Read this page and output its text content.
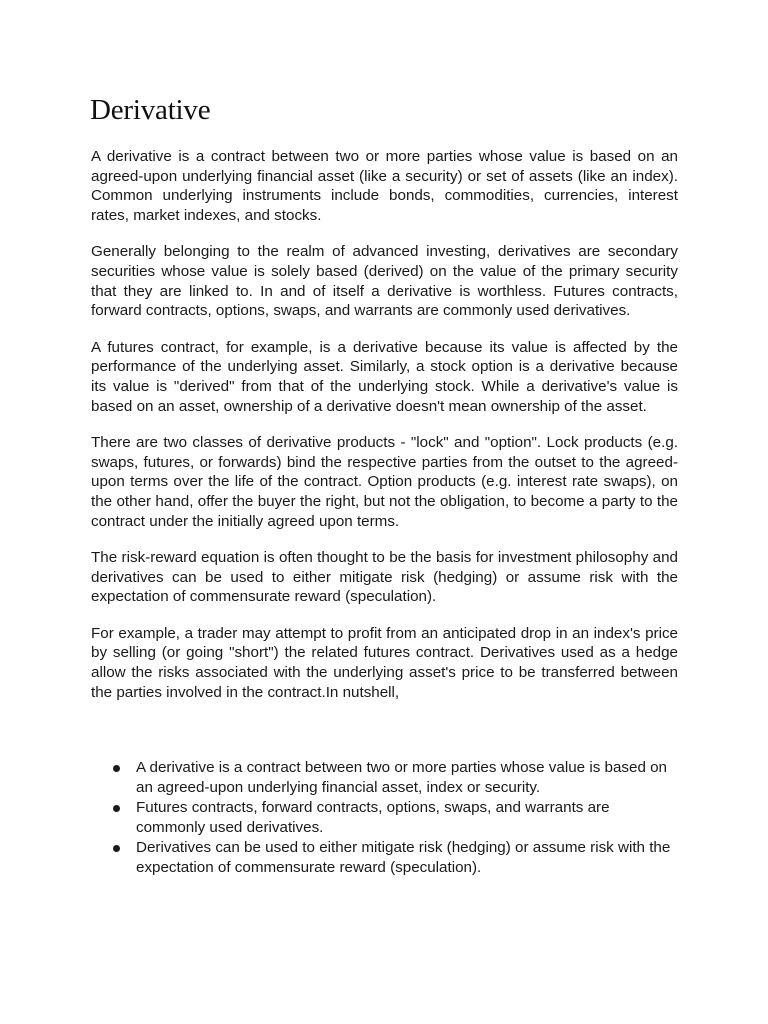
Derivative

A derivative is a contract between two or more parties whose value is based on an agreed-upon underlying financial asset (like a security) or set of assets (like an index). Common underlying instruments include bonds, commodities, currencies, interest rates, market indexes, and stocks.

Generally belonging to the realm of advanced investing, derivatives are secondary securities whose value is solely based (derived) on the value of the primary security that they are linked to. In and of itself a derivative is worthless. Futures contracts, forward contracts, options, swaps, and warrants are commonly used derivatives.

A futures contract, for example, is a derivative because its value is affected by the performance of the underlying asset. Similarly, a stock option is a derivative because its value is "derived" from that of the underlying stock. While a derivative's value is based on an asset, ownership of a derivative doesn't mean ownership of the asset.

There are two classes of derivative products - "lock" and "option". Lock products (e.g. swaps, futures, or forwards) bind the respective parties from the outset to the agreed-upon terms over the life of the contract. Option products (e.g. interest rate swaps), on the other hand, offer the buyer the right, but not the obligation, to become a party to the contract under the initially agreed upon terms.

The risk-reward equation is often thought to be the basis for investment philosophy and derivatives can be used to either mitigate risk (hedging) or assume risk with the expectation of commensurate reward (speculation).

For example, a trader may attempt to profit from an anticipated drop in an index's price by selling (or going "short") the related futures contract. Derivatives used as a hedge allow the risks associated with the underlying asset's price to be transferred between the parties involved in the contract.In nutshell,

A derivative is a contract between two or more parties whose value is based on an agreed-upon underlying financial asset, index or security.
Futures contracts, forward contracts, options, swaps, and warrants are commonly used derivatives.
Derivatives can be used to either mitigate risk (hedging) or assume risk with the expectation of commensurate reward (speculation).
